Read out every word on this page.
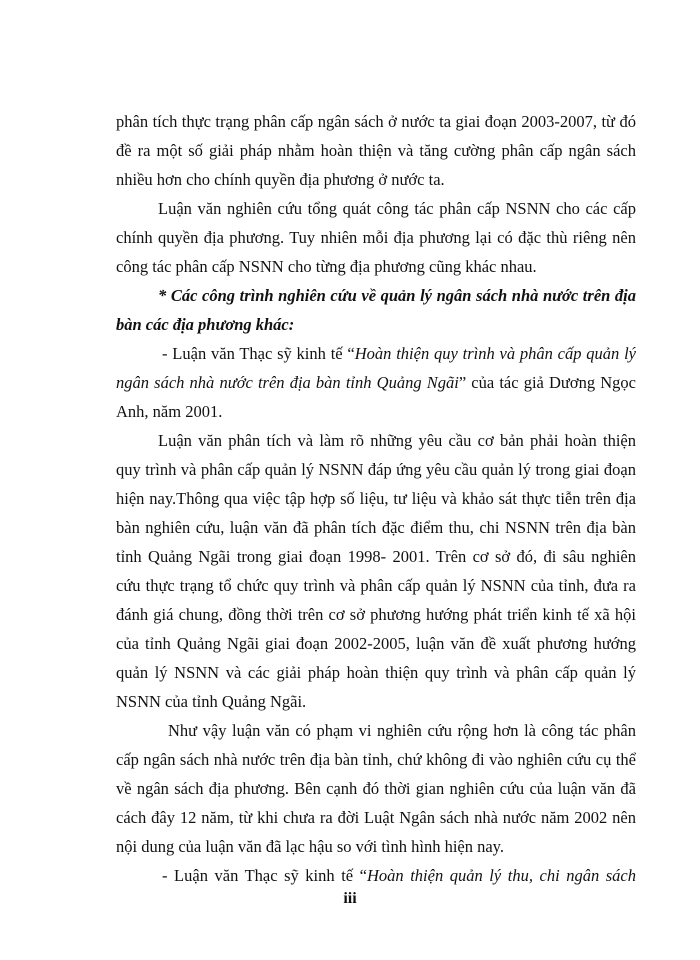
phân tích thực trạng phân cấp ngân sách ở nước ta giai đoạn 2003-2007, từ đó
đề ra một số giải pháp nhằm hoàn thiện và tăng cường phân cấp ngân sách
nhiều hơn cho chính quyền địa phương ở nước ta.
Luận văn nghiên cứu tổng quát công tác phân cấp NSNN cho các cấp
chính quyền địa phương. Tuy nhiên mỗi địa phương lại có đặc thù riêng nên
công tác phân cấp NSNN cho từng địa phương cũng khác nhau.
* Các công trình nghiên cứu về quản lý ngân sách nhà nước trên địa
bàn các địa phương khác:
- Luận văn Thạc sỹ kinh tế “Hoàn thiện quy trình và phân cấp quản lý
ngân sách nhà nước trên địa bàn tỉnh Quảng Ngãi” của tác giả Dương Ngọc
Anh, năm 2001.
Luận văn phân tích và làm rõ những yêu cầu cơ bản phải hoàn thiện
quy trình và phân cấp quản lý NSNN đáp ứng yêu cầu quản lý trong giai đoạn
hiện nay.Thông qua việc tập hợp số liệu, tư liệu và khảo sát thực tiễn trên địa
bàn nghiên cứu, luận văn đã phân tích đặc điểm thu, chi NSNN trên địa bàn
tỉnh Quảng Ngãi trong giai đoạn 1998- 2001. Trên cơ sở đó, đi sâu nghiên
cứu thực trạng tổ chức quy trình và phân cấp quản lý NSNN của tỉnh, đưa ra
đánh giá chung, đồng thời trên cơ sở phương hướng phát triển kinh tế xã hội
của tỉnh Quảng Ngãi giai đoạn 2002-2005, luận văn đề xuất phương hướng
quản lý NSNN và các giải pháp hoàn thiện quy trình và phân cấp quản lý
NSNN của tỉnh Quảng Ngãi.
Như vậy luận văn có phạm vi nghiên cứu rộng hơn là công tác phân
cấp ngân sách nhà nước trên địa bàn tỉnh, chứ không đi vào nghiên cứu cụ thể
về ngân sách địa phương. Bên cạnh đó thời gian nghiên cứu của luận văn đã
cách đây 12 năm, từ khi chưa ra đời Luật Ngân sách nhà nước năm 2002 nên
nội dung của luận văn đã lạc hậu so với tình hình hiện nay.
- Luận văn Thạc sỹ kinh tế “Hoàn thiện quản lý thu, chi ngân sách
iii
